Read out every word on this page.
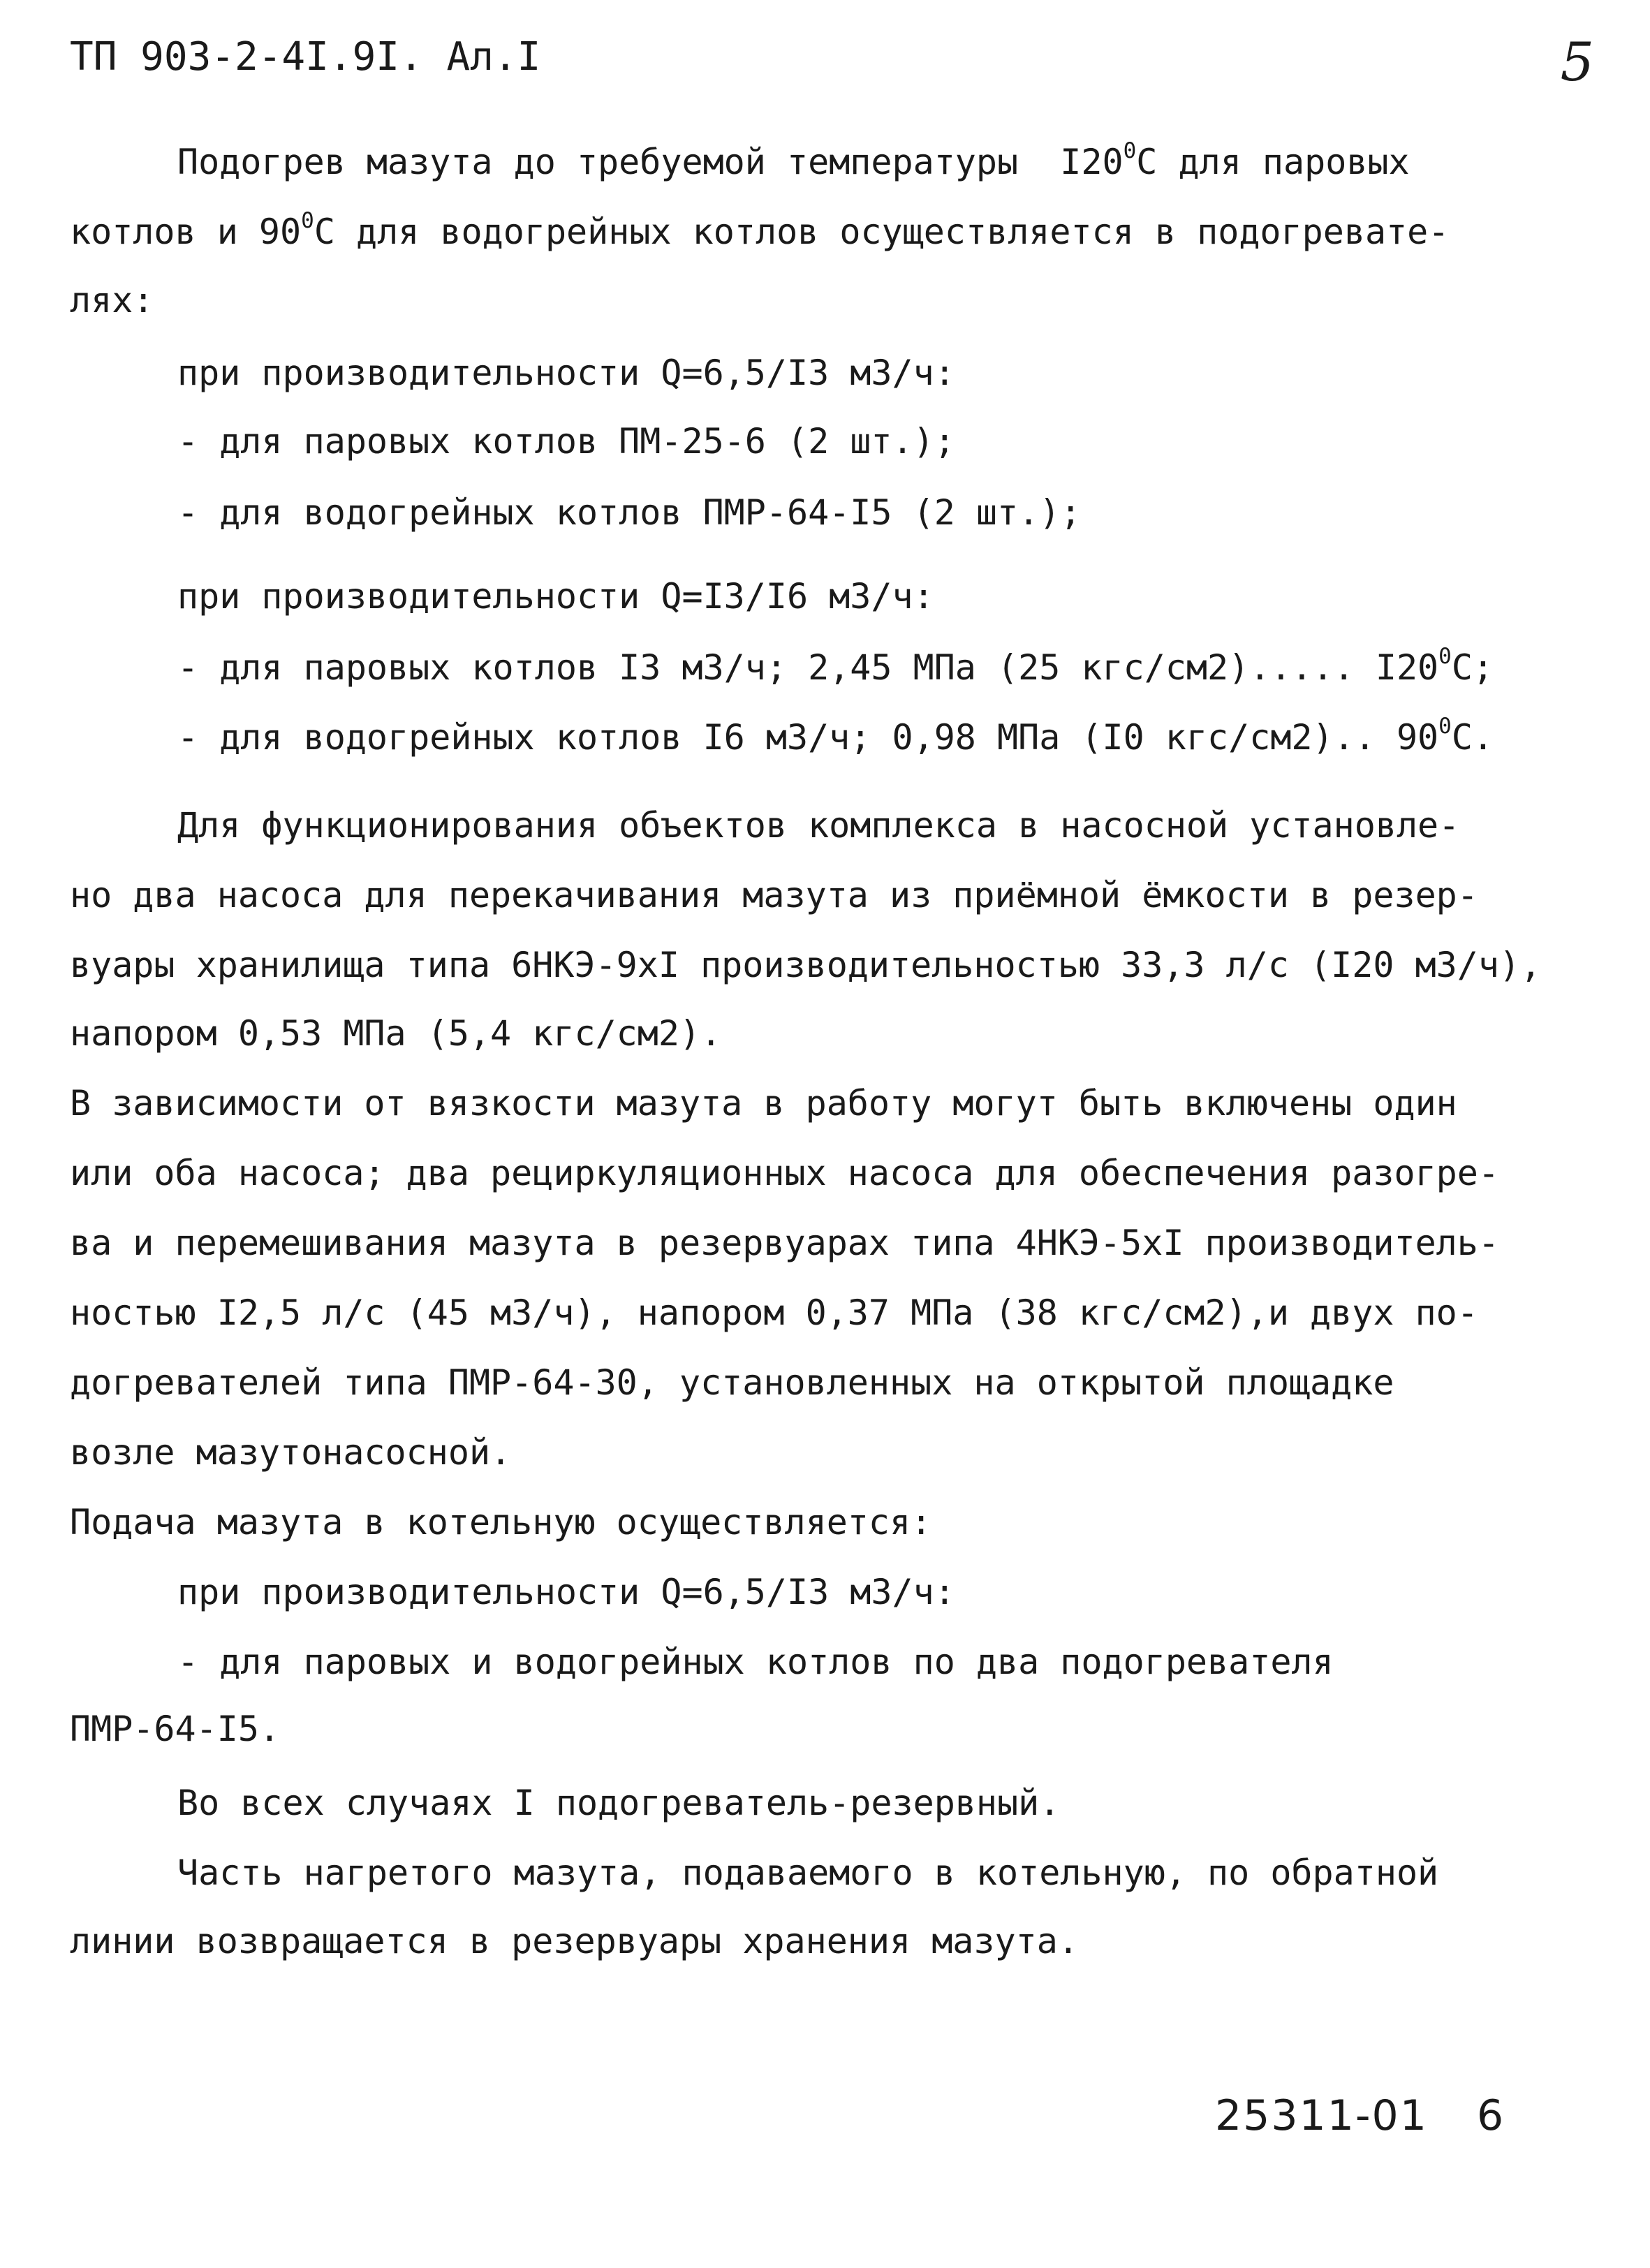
ТП 903-2-4I.9I. Ал.I	5
Подогрев мазута до требуемой температуры  $I20^0С$ для паровых
котлов и $90^0С$ для водогрейных котлов осуществляется в подогревате-
лях:
при производительности Q=6,5/I3 м3/ч:
- для паровых котлов ПМ-25-6 (2 шт.);
- для водогрейных котлов ПМР-64-I5 (2 шт.);
при производительности Q=I3/I6 м3/ч:
- для паровых котлов I3 м3/ч; 2,45 МПа (25 кгс/см2)..... $I20^0С$;
- для водогрейных котлов I6 м3/ч; 0,98 МПа (I0 кгс/см2).. $90^0С$.
Для функционирования объектов комплекса в насосной установле-
но два насоса для перекачивания мазута из приёмной ёмкости в резер-
вуары хранилища типа 6НКЭ-9хI производительностью 33,3 л/с (I20 м3/ч),
напором 0,53 МПа (5,4 кгс/см2).
В зависимости от вязкости мазута в работу могут быть включены один
или оба насоса; два рециркуляционных насоса для обеспечения разогре-
ва и перемешивания мазута в резервуарах типа 4НКЭ-5хI производитель-
ностью I2,5 л/с (45 м3/ч), напором 0,37 МПа (38 кгс/см2),и двух по-
догревателей типа ПМР-64-30, установленных на открытой площадке
возле мазутонасосной.
Подача мазута в котельную осуществляется:
при производительности Q=6,5/I3 м3/ч:
- для паровых и водогрейных котлов по два подогревателя
ПМР-64-I5.
Во всех случаях I подогреватель-резервный.
Часть нагретого мазута, подаваемого в котельную, по обратной
линии возвращается в резервуары хранения мазута.
25311-01 6
